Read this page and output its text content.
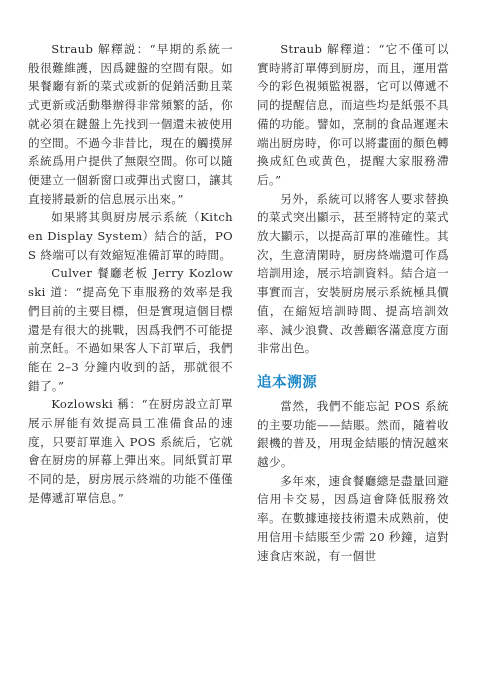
Straub 解釋説：“早期的系統一般很難維護，因爲鍵盤的空間有限。如果餐廳有新的菜式或新的促銷活動且菜式更新或活動舉辦得非常頻繁的話，你就必須在鍵盤上先找到一個還未被使用的空間。不過今非昔比，現在的觸摸屏系統爲用户提供了無限空間。你可以隨便建立一個新窗口或彈出式窗口，讓其直接將最新的信息展示出來。”

如果將其與厨房展示系統（Kitchen Display System）結合的話，POS 終端可以有效縮短准備訂單的時間。

Culver 餐廳老板 Jerry Kozlowski 道：“提高免下車服務的效率是我們目前的主要目標，但是實現這個目標還是有很大的挑戰，因爲我們不可能提前烹飪。不過如果客人下訂單后，我們能在 2–3 分鐘内收到的話，那就很不錯了。”

Kozlowski 稱：“在厨房設立訂單展示屏能有效提高員工准備食品的速度，只要訂單進入 POS 系統后，它就會在厨房的屏幕上彈出來。同紙質訂單不同的是，厨房展示終端的功能不僅僅是傳遞訂單信息。”

Straub 解釋道：“它不僅可以實時將訂單傳到厨房，而且，運用當今的彩色視頻監視器，它可以傳遞不同的提醒信息，而這些均是紙張不具備的功能。譬如，烹制的食品遲遲未端出厨房時，你可以將畫面的顏色轉換成紅色或黄色，提醒大家服務滯后。”

另外，系統可以將客人要求替换的菜式突出顯示，甚至將特定的菜式放大顯示，以提高訂單的准確性。其次，生意清閑時，厨房終端還可作爲培訓用途，展示培訓資料。結合這一事實而言，安裝厨房展示系統極具價值，在縮短培訓時間、提高培訓效率、減少浪費、改善顧客滿意度方面非常出色。

追本溯源

當然，我們不能忘記 POS 系統的主要功能——結賬。然而，隨着收銀機的普及，用現金結賬的情況越來越少。

多年來，速食餐廳總是盡量回避信用卡交易，因爲這會降低服務效率。在數據連接技術還未成熟前，使用信用卡結賬至少需 20 秒鐘，這對速食店來説，有一個世
